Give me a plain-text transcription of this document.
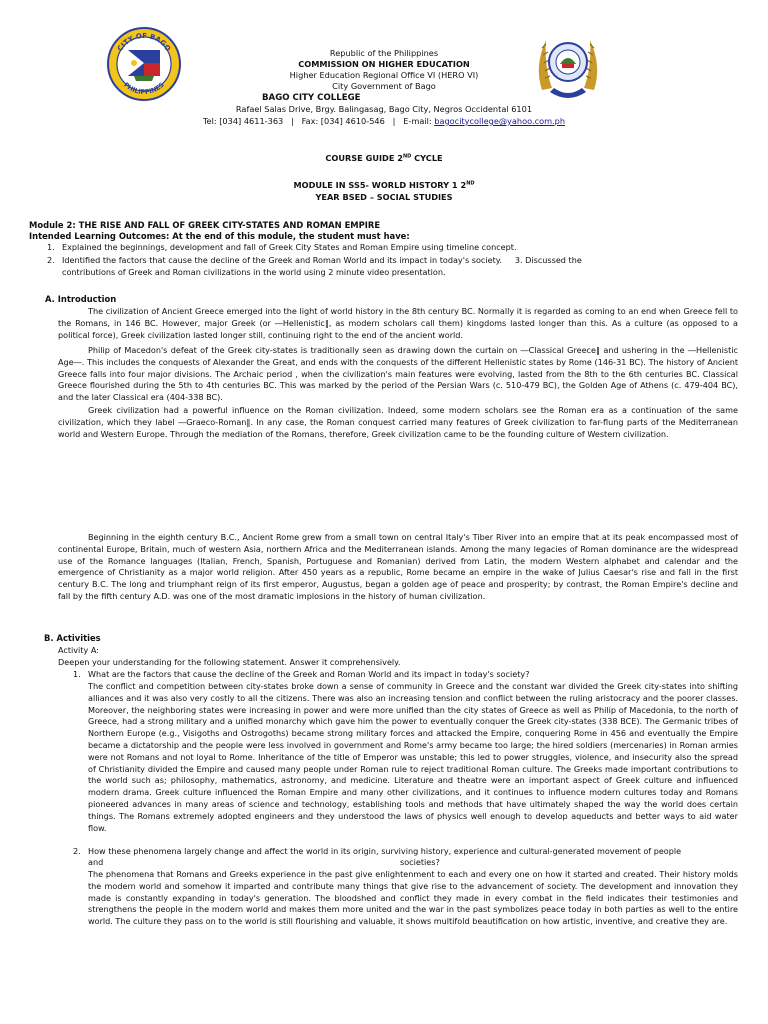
CITY OF BAGO
PHILIPPINES
Republic of the Philippines
COMMISSION ON HIGHER EDUCATION
Higher Education Regional Office VI (HERO VI)
City Government of Bago
BAGO CITY COLLEGE
Rafael Salas Drive, Brgy. Balingasag, Bago City, Negros Occidental 6101
Tel: [034] 4611-363   |   Fax: [034] 4610-546   |   E-mail: bagocitycollege@yahoo.com.ph
COURSE GUIDE 2ND CYCLE
MODULE IN SS5- WORLD HISTORY 1 2ND
YEAR BSED – SOCIAL STUDIES
Module 2: THE RISE AND FALL OF GREEK CITY-STATES AND ROMAN EMPIRE
Intended Learning Outcomes: At the end of this module, the student must have:
1. Explained the beginnings, development and fall of Greek City States and Roman Empire using timeline concept.
2. Identified the factors that cause the decline of the Greek and Roman World and its impact in today's society.     3. Discussed the
contributions of Greek and Roman civilizations in the world using 2 minute video presentation.
A. Introduction
The civilization of Ancient Greece emerged into the light of world history in the 8th century BC. Normally it is regarded as coming to an end when Greece fell to the Romans, in 146 BC. However, major Greek (or ―Hellenistic‖, as modern scholars call them) kingdoms lasted longer than this. As a culture (as opposed to a political force), Greek civilization lasted longer still, continuing right to the end of the ancient world.
Philip of Macedon's defeat of the Greek city-states is traditionally seen as drawing down the curtain on ―Classical Greece‖ and ushering in the ―Hellenistic Age―. This includes the conquests of Alexander the Great, and ends with the conquests of the different Hellenistic states by Rome (146-31 BC). The history of Ancient Greece falls into four major divisions. The Archaic period , when the civilization's main features were evolving, lasted from the 8th to the 6th centuries BC. Classical Greece flourished during the 5th to 4th centuries BC. This was marked by the period of the Persian Wars (c. 510-479 BC), the Golden Age of Athens (c. 479-404 BC), and the later Classical era (404-338 BC).
Greek civilization had a powerful influence on the Roman civilization. Indeed, some modern scholars see the Roman era as a continuation of the same civilization, which they label ―Graeco-Roman‖. In any case, the Roman conquest carried many features of Greek civilization to far-flung parts of the Mediterranean world and Western Europe. Through the mediation of the Romans, therefore, Greek civilization came to be the founding culture of Western civilization.
Beginning in the eighth century B.C., Ancient Rome grew from a small town on central Italy's Tiber River into an empire that at its peak encompassed most of continental Europe, Britain, much of western Asia, northern Africa and the Mediterranean islands. Among the many legacies of Roman dominance are the widespread use of the Romance languages (Italian, French, Spanish, Portuguese and Romanian) derived from Latin, the modern Western alphabet and calendar and the emergence of Christianity as a major world religion. After 450 years as a republic, Rome became an empire in the wake of Julius Caesar's rise and fall in the first century B.C. The long and triumphant reign of its first emperor, Augustus, began a golden age of peace and prosperity; by contrast, the Roman Empire's decline and fall by the fifth century A.D. was one of the most dramatic implosions in the history of human civilization.
B. Activities
Activity A:
Deepen your understanding for the following statement. Answer it comprehensively.
1. What are the factors that cause the decline of the Greek and Roman World and its impact in today's society?
The conflict and competition between city-states broke down a sense of community in Greece and the constant war divided the Greek city-states into shifting alliances and it was also very costly to all the citizens. There was also an increasing tension and conflict between the ruling aristocracy and the poorer classes. Moreover, the neighboring states were increasing in power and were more unified than the city states of Greece as well as Philip of Macedonia, to the north of Greece, had a strong military and a unified monarchy which gave him the power to eventually conquer the Greek city-states (338 BCE). The Germanic tribes of Northern Europe (e.g., Visigoths and Ostrogoths) became strong military forces and attacked the Empire, conquering Rome in 456 and eventually the Empire became a dictatorship and the people were less involved in government and Rome's army became too large; the hired soldiers (mercenaries) in Roman armies were not Romans and not loyal to Rome. Inheritance of the title of Emperor was unstable; this led to power struggles, violence, and insecurity also the spread of Christianity divided the Empire and caused many people under Roman rule to reject traditional Roman culture. The Greeks made important contributions to the world such as; philosophy, mathematics, astronomy, and medicine. Literature and theatre were an important aspect of Greek culture and influenced modern drama. Greek culture influenced the Roman Empire and many other civilizations, and it continues to influence modern cultures today and Romans pioneered advances in many areas of science and technology, establishing tools and methods that have ultimately shaped the way the world does certain things. The Romans extremely adopted engineers and they understood the laws of physics well enough to develop aqueducts and better ways to aid water flow.
2. How these phenomena largely change and affect the world in its origin, surviving history, experience and cultural-generated movement of people
and	societies?
The phenomena that Romans and Greeks experience in the past give enlightenment to each and every one on how it started and created. Their history molds the modern world and somehow it imparted and contribute many things that give rise to the advancement of society. The development and innovation they made is constantly expanding in today's generation. The bloodshed and conflict they made in every combat in the field indicates their testimonies and strengthens the people in the modern world and makes them more united and the war in the past symbolizes peace today in both parties as well to the entire world. The culture they pass on to the world is still flourishing and valuable, it shows multifold beautification on how artistic, inventive, and creative they are.
